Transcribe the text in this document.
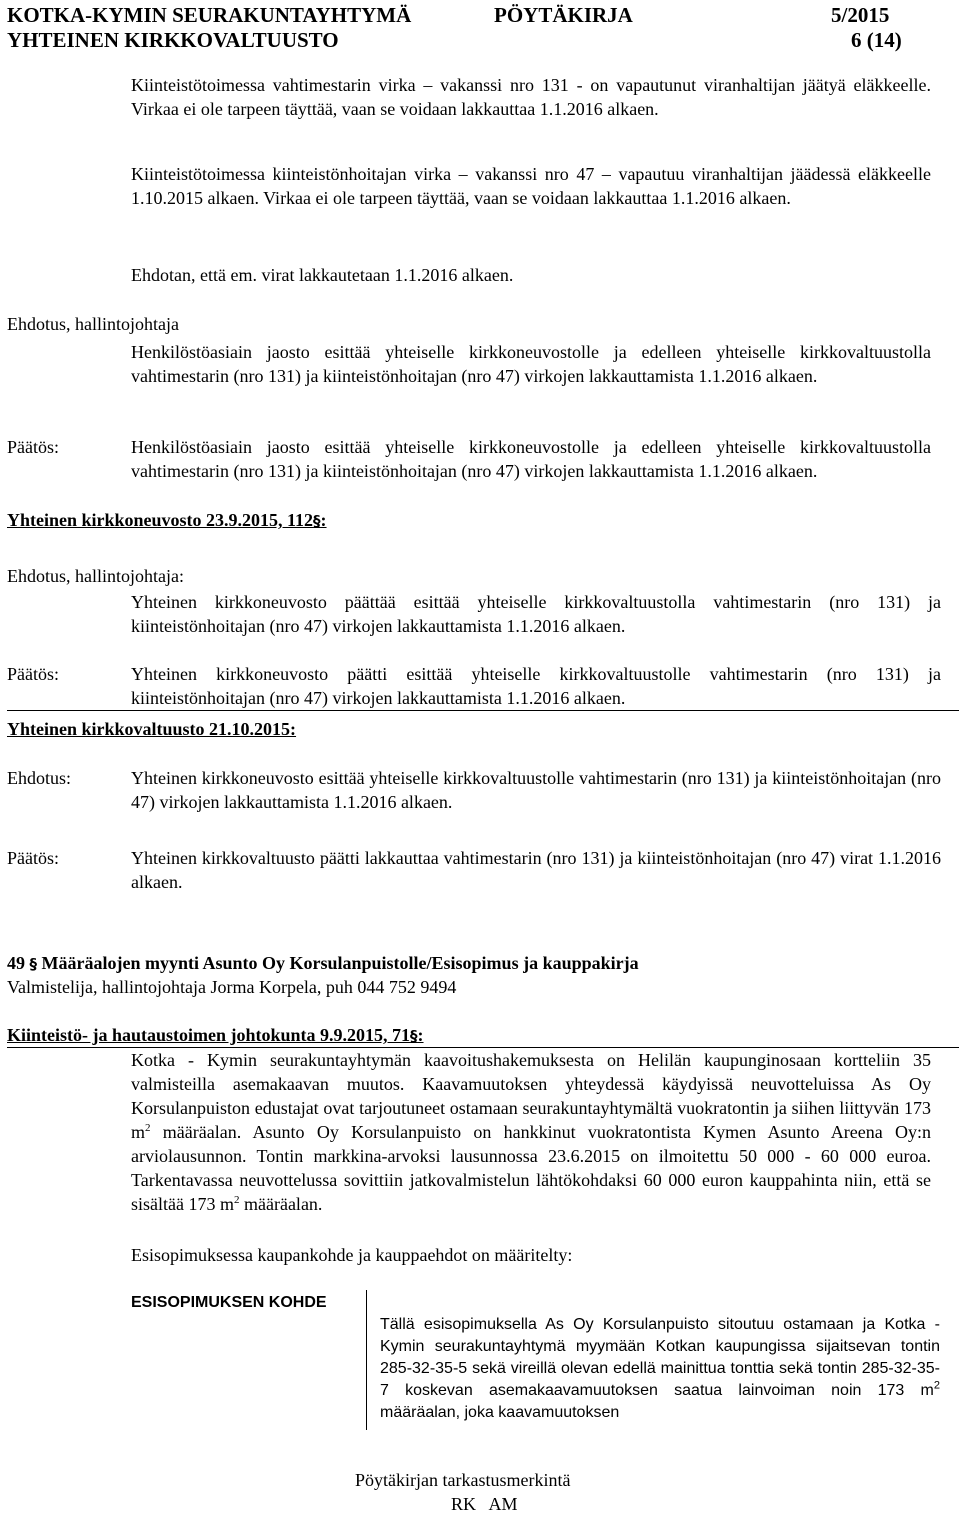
KOTKA-KYMIN SEURAKUNTAYHTYMÄ	PÖYTÄKIRJA	5/2015
YHTEINEN KIRKKOVALTUUSTO	6 (14)
Kiinteistötoimessa vahtimestarin virka – vakanssi nro 131 - on vapautunut viranhaltijan jäätyä eläkkeelle. Virkaa ei ole tarpeen täyttää, vaan se voidaan lakkauttaa 1.1.2016 alkaen.
Kiinteistötoimessa kiinteistönhoitajan virka – vakanssi nro 47 – vapautuu viranhaltijan jäädessä eläkkeelle 1.10.2015 alkaen. Virkaa ei ole tarpeen täyttää, vaan se voidaan lakkauttaa 1.1.2016 alkaen.
Ehdotan, että em. virat lakkautetaan 1.1.2016 alkaen.
Ehdotus, hallintojohtaja
Henkilöstöasiain jaosto esittää yhteiselle kirkkoneuvostolle ja edelleen yhteiselle kirkkovaltuustolla vahtimestarin (nro 131) ja kiinteistönhoitajan (nro 47) virkojen lakkauttamista 1.1.2016 alkaen.
Päätös:	Henkilöstöasiain jaosto esittää yhteiselle kirkkoneuvostolle ja edelleen yhteiselle kirkkovaltuustolla vahtimestarin (nro 131) ja kiinteistönhoitajan (nro 47) virkojen lakkauttamista 1.1.2016 alkaen.
Yhteinen kirkkoneuvosto 23.9.2015, 112§:
Ehdotus, hallintojohtaja:
Yhteinen kirkkoneuvosto päättää esittää yhteiselle kirkkovaltuustolla vahtimestarin (nro 131) ja kiinteistönhoitajan (nro 47) virkojen lakkauttamista 1.1.2016 alkaen.
Päätös:	Yhteinen kirkkoneuvosto päätti esittää yhteiselle kirkkovaltuustolle vahtimestarin (nro 131) ja kiinteistönhoitajan (nro 47) virkojen lakkauttamista 1.1.2016 alkaen.
Yhteinen kirkkovaltuusto 21.10.2015:
Ehdotus:	Yhteinen kirkkoneuvosto esittää yhteiselle kirkkovaltuustolle vahtimestarin (nro 131) ja kiinteistönhoitajan (nro 47) virkojen lakkauttamista 1.1.2016 alkaen.
Päätös:	Yhteinen kirkkovaltuusto päätti lakkauttaa vahtimestarin (nro 131) ja kiinteistönhoitajan (nro 47) virat 1.1.2016 alkaen.
49 § Määräalojen myynti Asunto Oy Korsulanpuistolle/Esisopimus ja kauppakirja
Valmistelija, hallintojohtaja Jorma Korpela, puh 044 752 9494
Kiinteistö- ja hautaustoimen johtokunta 9.9.2015, 71§:
Kotka - Kymin seurakuntayhtymän kaavoitushakemuksesta on Helilän kaupunginosaan kortteliin 35 valmisteilla asemakaavan muutos. Kaavamuutoksen yhteydessä käydyissä neuvotteluissa As Oy Korsulanpuiston edustajat ovat tarjoutuneet ostamaan seurakuntayhtymältä vuokratontin ja siihen liittyvän 173 $m^2$ määräalan. Asunto Oy Korsulanpuisto on hankkinut vuokratontista Kymen Asunto Areena Oy:n arviolausunnon. Tontin markkina-arvoksi lausunnossa 23.6.2015 on ilmoitettu 50 000 - 60 000 euroa. Tarkentavassa neuvottelussa sovittiin jatkovalmistelun lähtökohdaksi 60 000 euron kauppahinta niin, että se sisältää 173 $m^2$ määräalan.
Esisopimuksessa kaupankohde ja kauppaehdot on määritelty:
ESISOPIMUKSEN KOHDE
Tällä esisopimuksella As Oy Korsulanpuisto sitoutuu ostamaan ja Kotka - Kymin seurakuntayhtymä myymään Kotkan kaupungissa sijaitsevan tontin 285-32-35-5 sekä vireillä olevan edellä mainittua tonttia sekä tontin 285-32-35-7 koskevan asemakaavamuutoksen saatua lainvoiman noin 173 $m^2$ määräalan, joka kaavamuutoksen
Pöytäkirjan tarkastusmerkintä
RK   AM
